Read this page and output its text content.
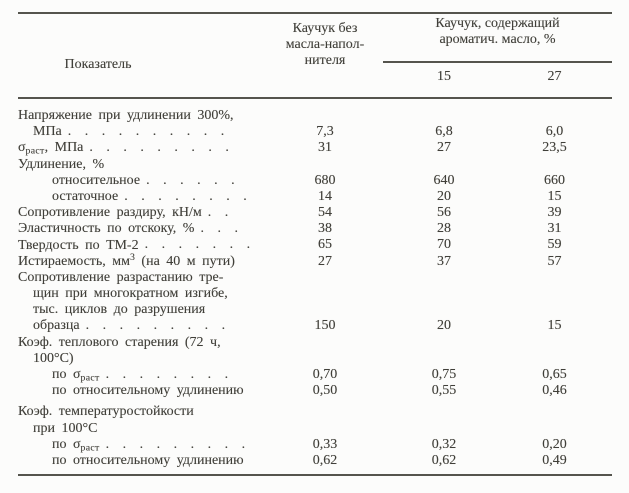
Показатель
Каучук без
масла-напол-
нителя
Каучук, содержащий
ароматич. масло, %
15	27
Напряжение при удлинении 300%,
МПа . . . . . . . . . .	7,3	6,8	6,0
$\sigma_{раст}$, МПа . . . . . . . . .	31	27	23,5
Удлинение, %
относительное . . . . . .	680	640	660
остаточное . . . . . . . .	14	20	15
Сопротивление раздиру, кН/м . .	54	56	39
Эластичность по отскоку, % . . .	38	28	31
Твердость по ТМ-2 . . . . . . .	65	70	59
Истираемость, $мм^3$ (на 40 м пути)	27	37	57
Сопротивление разрастанию тре-
щин при многократном изгибе,
тыс. циклов до разрушения
образца . . . . . . . . .	150	20	15
Коэф. теплового старения (72 ч,
100°C)
по $\sigma_{раст}$ . . . . . . . .	0,70	0,75	0,65
по относительному удлинению	0,50	0,55	0,46
Коэф. температуростойкости
при 100°C
по $\sigma_{раст}$ . . . . . . . . .	0,33	0,32	0,20
по относительному удлинению	0,62	0,62	0,49
